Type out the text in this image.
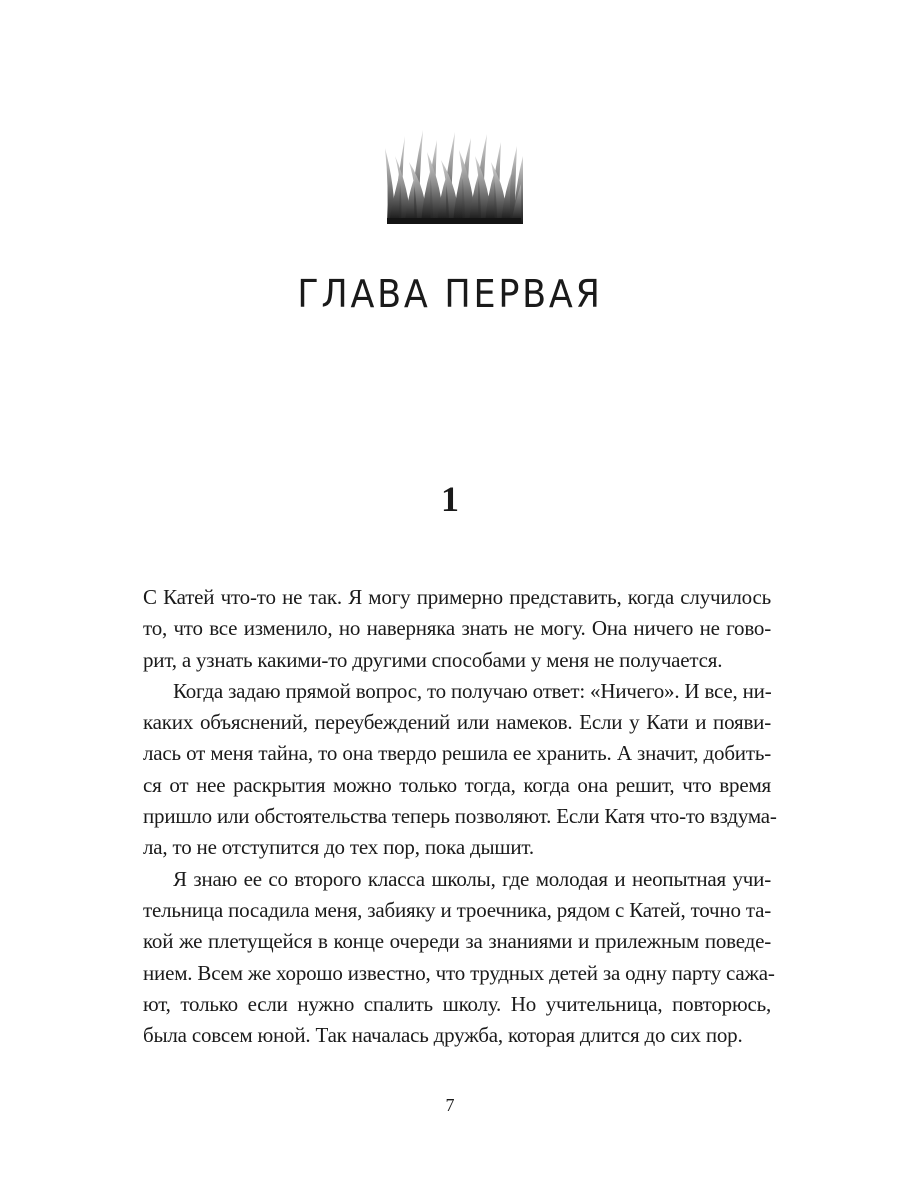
ГЛАВА ПЕРВАЯ
1
С Катей что-то не так. Я могу примерно представить, когда случилось
то, что все изменило, но наверняка знать не могу. Она ничего не гово-
рит, а узнать какими-то другими способами у меня не получается.
Когда задаю прямой вопрос, то получаю ответ: «Ничего». И все, ни-
каких объяснений, переубеждений или намеков. Если у Кати и появи-
лась от меня тайна, то она твердо решила ее хранить. А значит, добить-
ся от нее раскрытия можно только тогда, когда она решит, что время
пришло или обстоятельства теперь позволяют. Если Катя что-то вздума-
ла, то не отступится до тех пор, пока дышит.
Я знаю ее со второго класса школы, где молодая и неопытная учи-
тельница посадила меня, забияку и троечника, рядом с Катей, точно та-
кой же плетущейся в конце очереди за знаниями и прилежным поведе-
нием. Всем же хорошо известно, что трудных детей за одну парту сажа-
ют, только если нужно спалить школу. Но учительница, повторюсь,
была совсем юной. Так началась дружба, которая длится до сих пор.
7
